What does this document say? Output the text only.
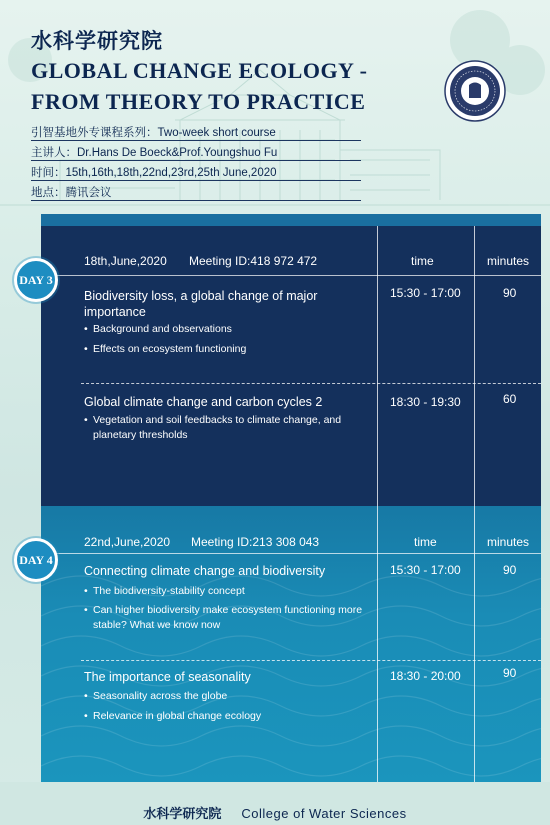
水科学研究院
GLOBAL CHANGE ECOLOGY -
FROM THEORY TO PRACTICE
引智基地外专课程系列：Two-week short course
主讲人：Dr.Hans De Boeck&Prof.Youngshuo Fu
时间：15th,16th,18th,22nd,23rd,25th June,2020
地点：腾讯会议
18th,June,2020 Meeting ID:418 972 472	time	minutes
Biodiversity loss, a global change of major importance
• Background and observations
• Effects on ecosystem functioning
15:30 - 17:00	90
Global climate change and carbon cycles 2
• Vegetation and soil feedbacks to climate change, and planetary thresholds
18:30 - 19:30	60
22nd,June,2020 Meeting ID:213 308 043	time	minutes
Connecting climate change and biodiversity
• The biodiversity-stability concept
• Can higher biodiversity make ecosystem functioning more stable? What we know now
15:30 - 17:00	90
The importance of seasonality
• Seasonality across the globe
• Relevance in global change ecology
18:30 - 20:00	90
DAY 3
DAY 4
水科学研究院 College of Water Sciences
